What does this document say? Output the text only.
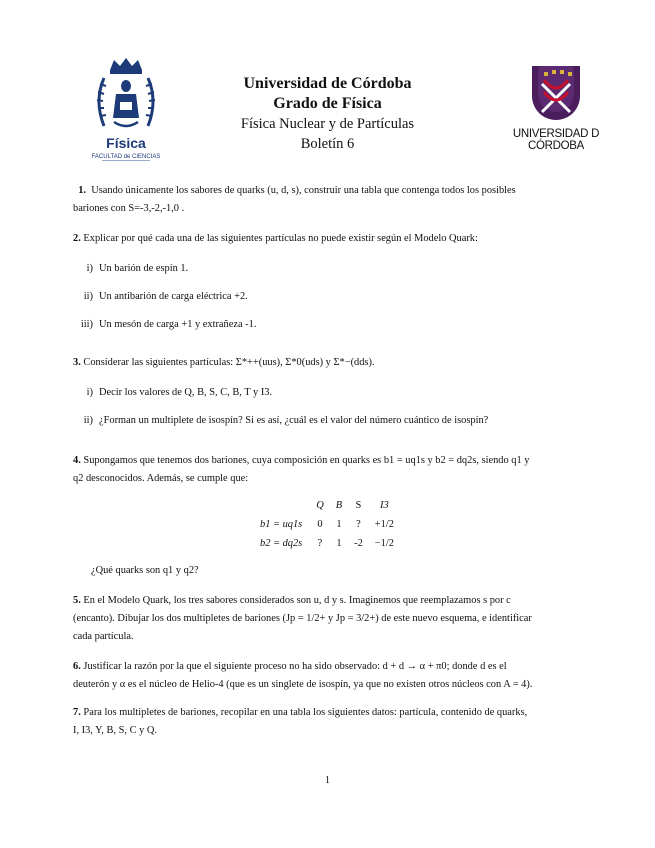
Física
FACULTAD de CIENCIAS
Universidad de Córdoba
Grado de Física
Física Nuclear y de Partículas
Boletín 6
UNIVERSIDAD D CÓRDOBA
1. Usando únicamente los sabores de quarks (u, d, s), construir una tabla que contenga todos los posibles
bariones con S=-3,-2,-1,0 .
2. Explicar por qué cada una de las siguientes partículas no puede existir según el Modelo Quark:
i) Un barión de espín 1.
ii) Un antibarión de carga eléctrica +2.
iii) Un mesón de carga +1 y extrañeza -1.
3. Considerar las siguientes partículas: Σ*++(uus), Σ*0(uds) y Σ*−(dds).
i) Decir los valores de Q, B, S, C, B, T y I3.
ii) ¿Forman un multiplete de isospín? Si es así, ¿cuál es el valor del número cuántico de isospín?
4. Supongamos que tenemos dos bariones, cuya composición en quarks es b1 = uq1s y b2 = dq2s, siendo q1 y
q2 desconocidos. Además, se cumple que:
¿Qué quarks son q1 y q2?
5. En el Modelo Quark, los tres sabores considerados son u, d y s. Imaginemos que reemplazamos s por c
(encanto). Dibujar los dos multipletes de bariones (Jp = 1/2+ y Jp = 3/2+) de este nuevo esquema, e identificar
cada partícula.
6. Justificar la razón por la que el siguiente proceso no ha sido observado: d + d → α + π0; donde d es el
deuterón y α es el núcleo de Helio-4 (que es un singlete de isospín, ya que no existen otros núcleos con A = 4).
7. Para los multipletes de bariones, recopilar en una tabla los siguientes datos: partícula, contenido de quarks,
I, I3, Y, B, S, C y Q.
	Q	B	S	I3
b1 = uq1s	0	1	?	+1/2
b2 = dq2s	?	1	-2	−1/2
1
